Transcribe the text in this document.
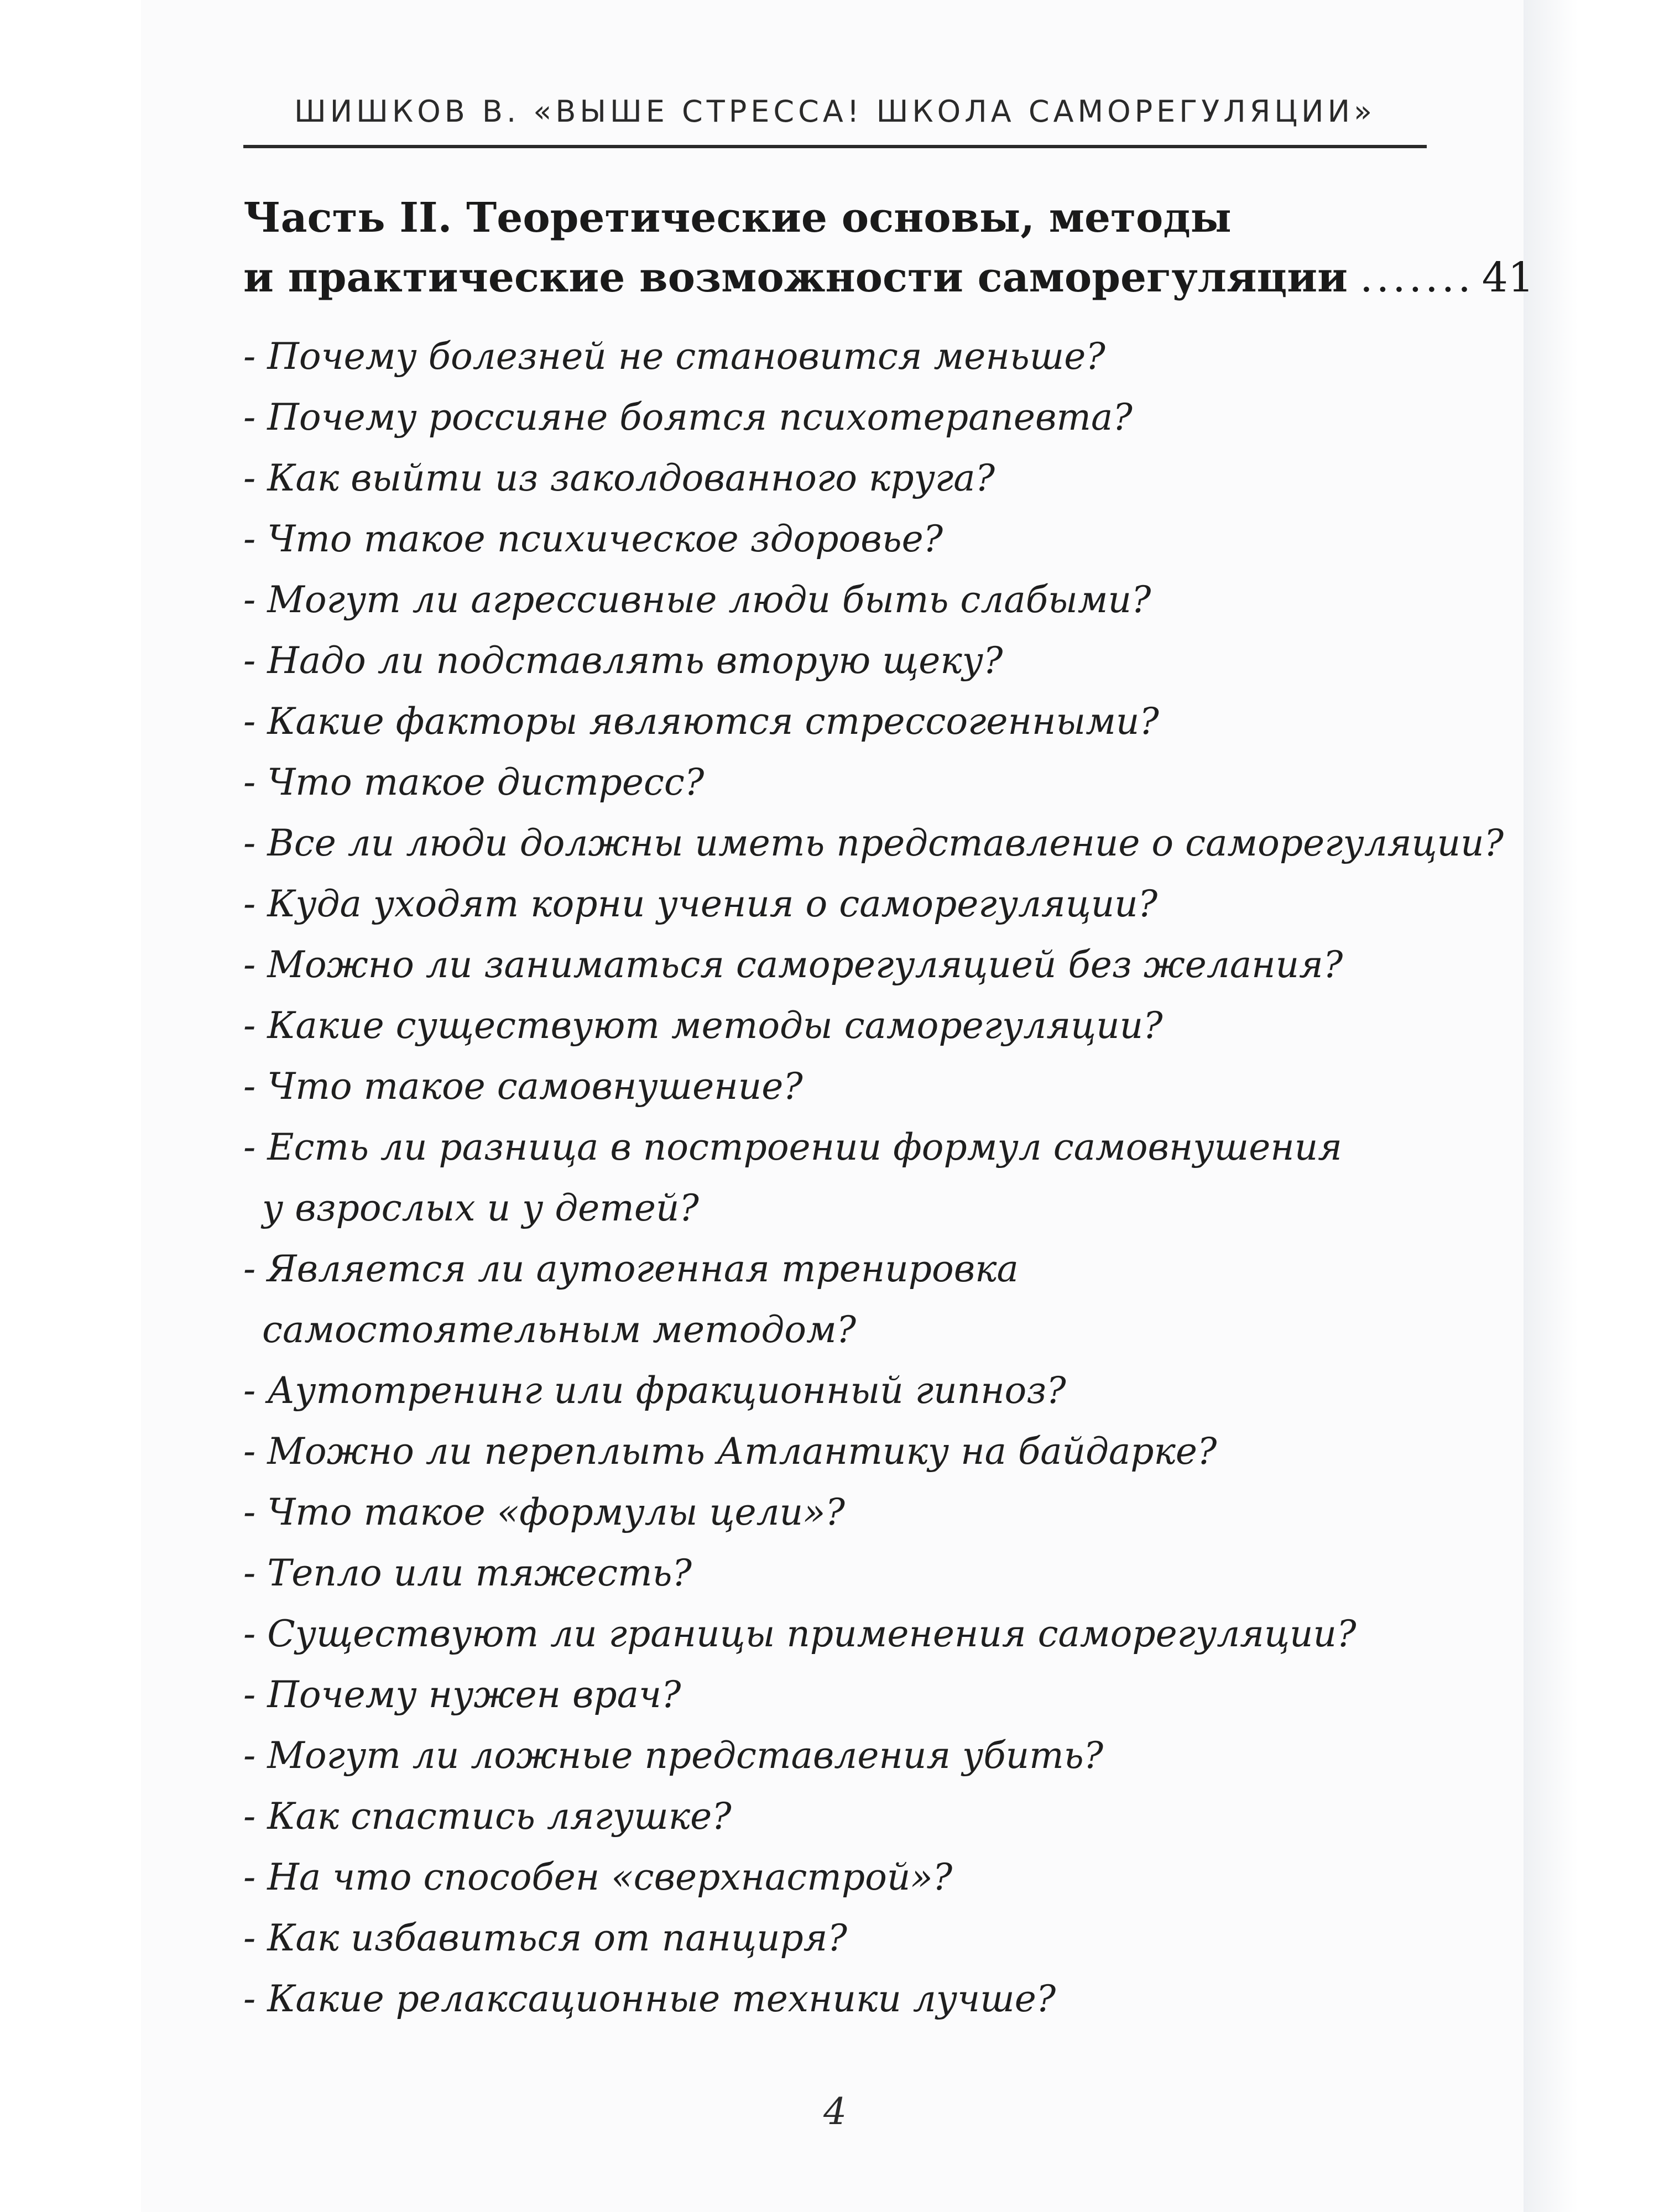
ШИШКОВ В. «ВЫШЕ СТРЕССА! ШКОЛА САМОРЕГУЛЯЦИИ»
Часть II. Теоретические основы, методы
и практические возможности саморегуляции ....... 41
- Почему болезней не становится меньше?
- Почему россияне боятся психотерапевта?
- Как выйти из заколдованного круга?
- Что такое психическое здоровье?
- Могут ли агрессивные люди быть слабыми?
- Надо ли подставлять вторую щеку?
- Какие факторы являются стрессогенными?
- Что такое дистресс?
- Все ли люди должны иметь представление о саморегуляции?
- Куда уходят корни учения о саморегуляции?
- Можно ли заниматься саморегуляцией без желания?
- Какие существуют методы саморегуляции?
- Что такое самовнушение?
- Есть ли разница в построении формул самовнушения
у взрослых и у детей?
- Является ли аутогенная тренировка
самостоятельным методом?
- Аутотренинг или фракционный гипноз?
- Можно ли переплыть Атлантику на байдарке?
- Что такое «формулы цели»?
- Тепло или тяжесть?
- Существуют ли границы применения саморегуляции?
- Почему нужен врач?
- Могут ли ложные представления убить?
- Как спастись лягушке?
- На что способен «сверхнастрой»?
- Как избавиться от панциря?
- Какие релаксационные техники лучше?
4
